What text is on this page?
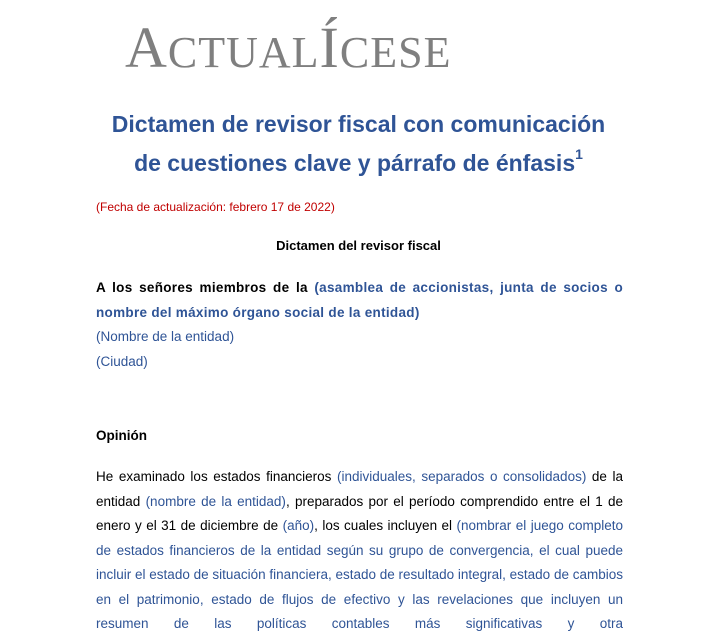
ACTUALÍCESE
Dictamen de revisor fiscal con comunicación
de cuestiones clave y párrafo de énfasis$^1$
(Fecha de actualización: febrero 17 de 2022)
Dictamen del revisor fiscal
A los señores miembros de la (asamblea de accionistas, junta de socios o nombre del máximo órgano social de la entidad)
(Nombre de la entidad)
(Ciudad)
Opinión
He examinado los estados financieros (individuales, separados o consolidados) de la entidad (nombre de la entidad), preparados por el período comprendido entre el 1 de enero y el 31 de diciembre de (año), los cuales incluyen el (nombrar el juego completo de estados financieros de la entidad según su grupo de convergencia, el cual puede incluir el estado de situación financiera, estado de resultado integral, estado de cambios en el patrimonio, estado de flujos de efectivo y las revelaciones que incluyen un resumen de las políticas contables más significativas y otra
